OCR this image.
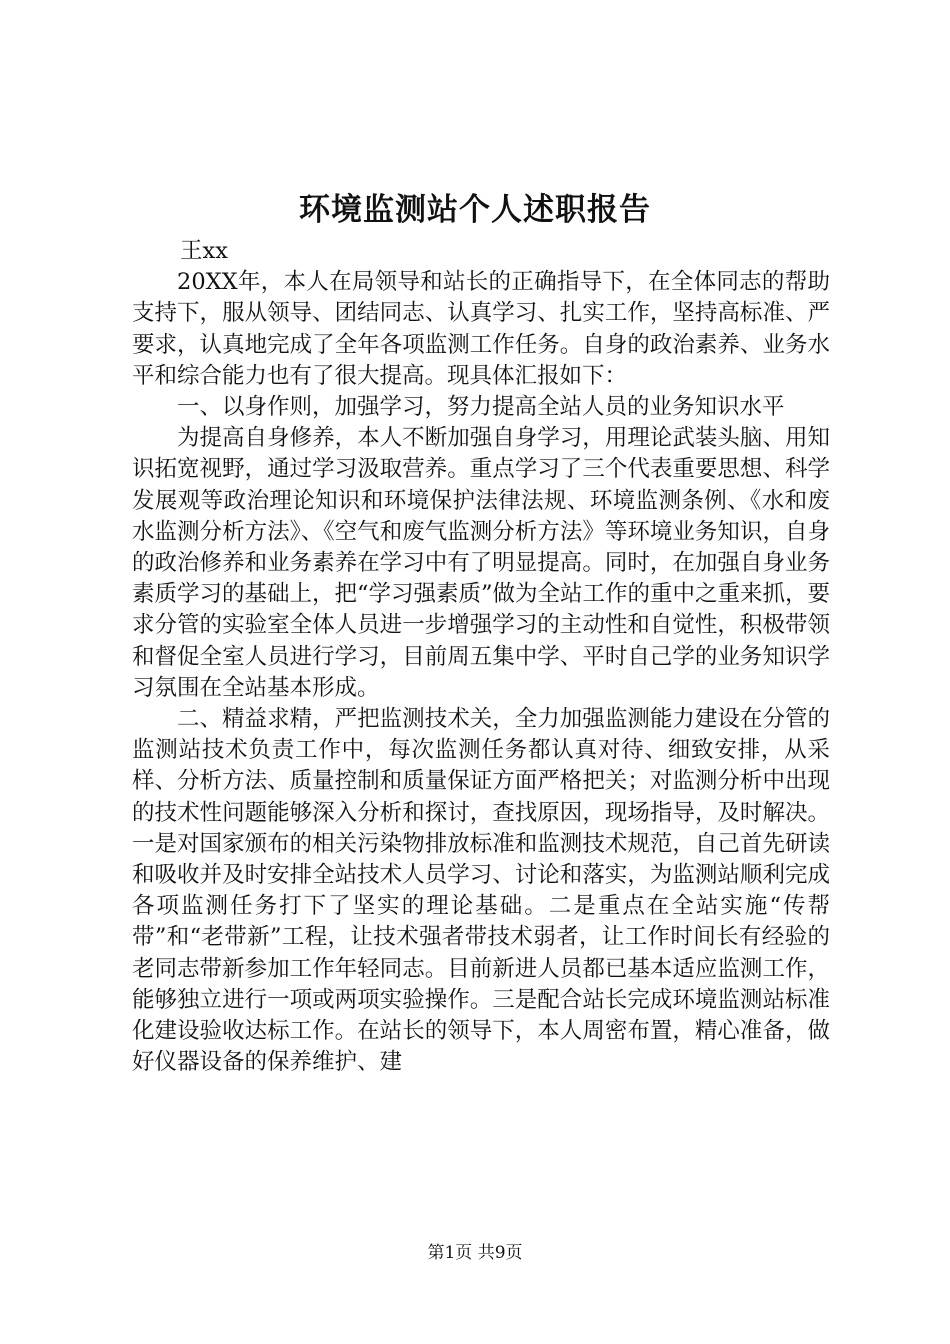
环境监测站个人述职报告
王xx

20XX年，本人在局领导和站长的正确指导下，在全体同志的帮助支持下，服从领导、团结同志、认真学习、扎实工作，坚持高标准、严要求，认真地完成了全年各项监测工作任务。自身的政治素养、业务水平和综合能力也有了很大提高。现具体汇报如下：

一、以身作则，加强学习，努力提高全站人员的业务知识水平

为提高自身修养，本人不断加强自身学习，用理论武装头脑、用知识拓宽视野，通过学习汲取营养。重点学习了三个代表重要思想、科学发展观等政治理论知识和环境保护法律法规、环境监测条例、《水和废水监测分析方法》、《空气和废气监测分析方法》等环境业务知识，自身的政治修养和业务素养在学习中有了明显提高。同时，在加强自身业务素质学习的基础上，把“学习强素质”做为全站工作的重中之重来抓，要求分管的实验室全体人员进一步增强学习的主动性和自觉性，积极带领和督促全室人员进行学习，目前周五集中学、平时自己学的业务知识学习氛围在全站基本形成。

二、精益求精，严把监测技术关，全力加强监测能力建设在分管的监测站技术负责工作中，每次监测任务都认真对待、细致安排，从采样、分析方法、质量控制和质量保证方面严格把关；对监测分析中出现的技术性问题能够深入分析和探讨，查找原因，现场指导，及时解决。一是对国家颁布的相关污染物排放标准和监测技术规范，自己首先研读和吸收并及时安排全站技术人员学习、讨论和落实，为监测站顺利完成各项监测任务打下了坚实的理论基础。二是重点在全站实施“传帮带”和“老带新”工程，让技术强者带技术弱者，让工作时间长有经验的老同志带新参加工作年轻同志。目前新进人员都已基本适应监测工作，能够独立进行一项或两项实验操作。三是配合站长完成环境监测站标准化建设验收达标工作。在站长的领导下，本人周密布置，精心准备，做好仪器设备的保养维护、建

第1页 共9页
